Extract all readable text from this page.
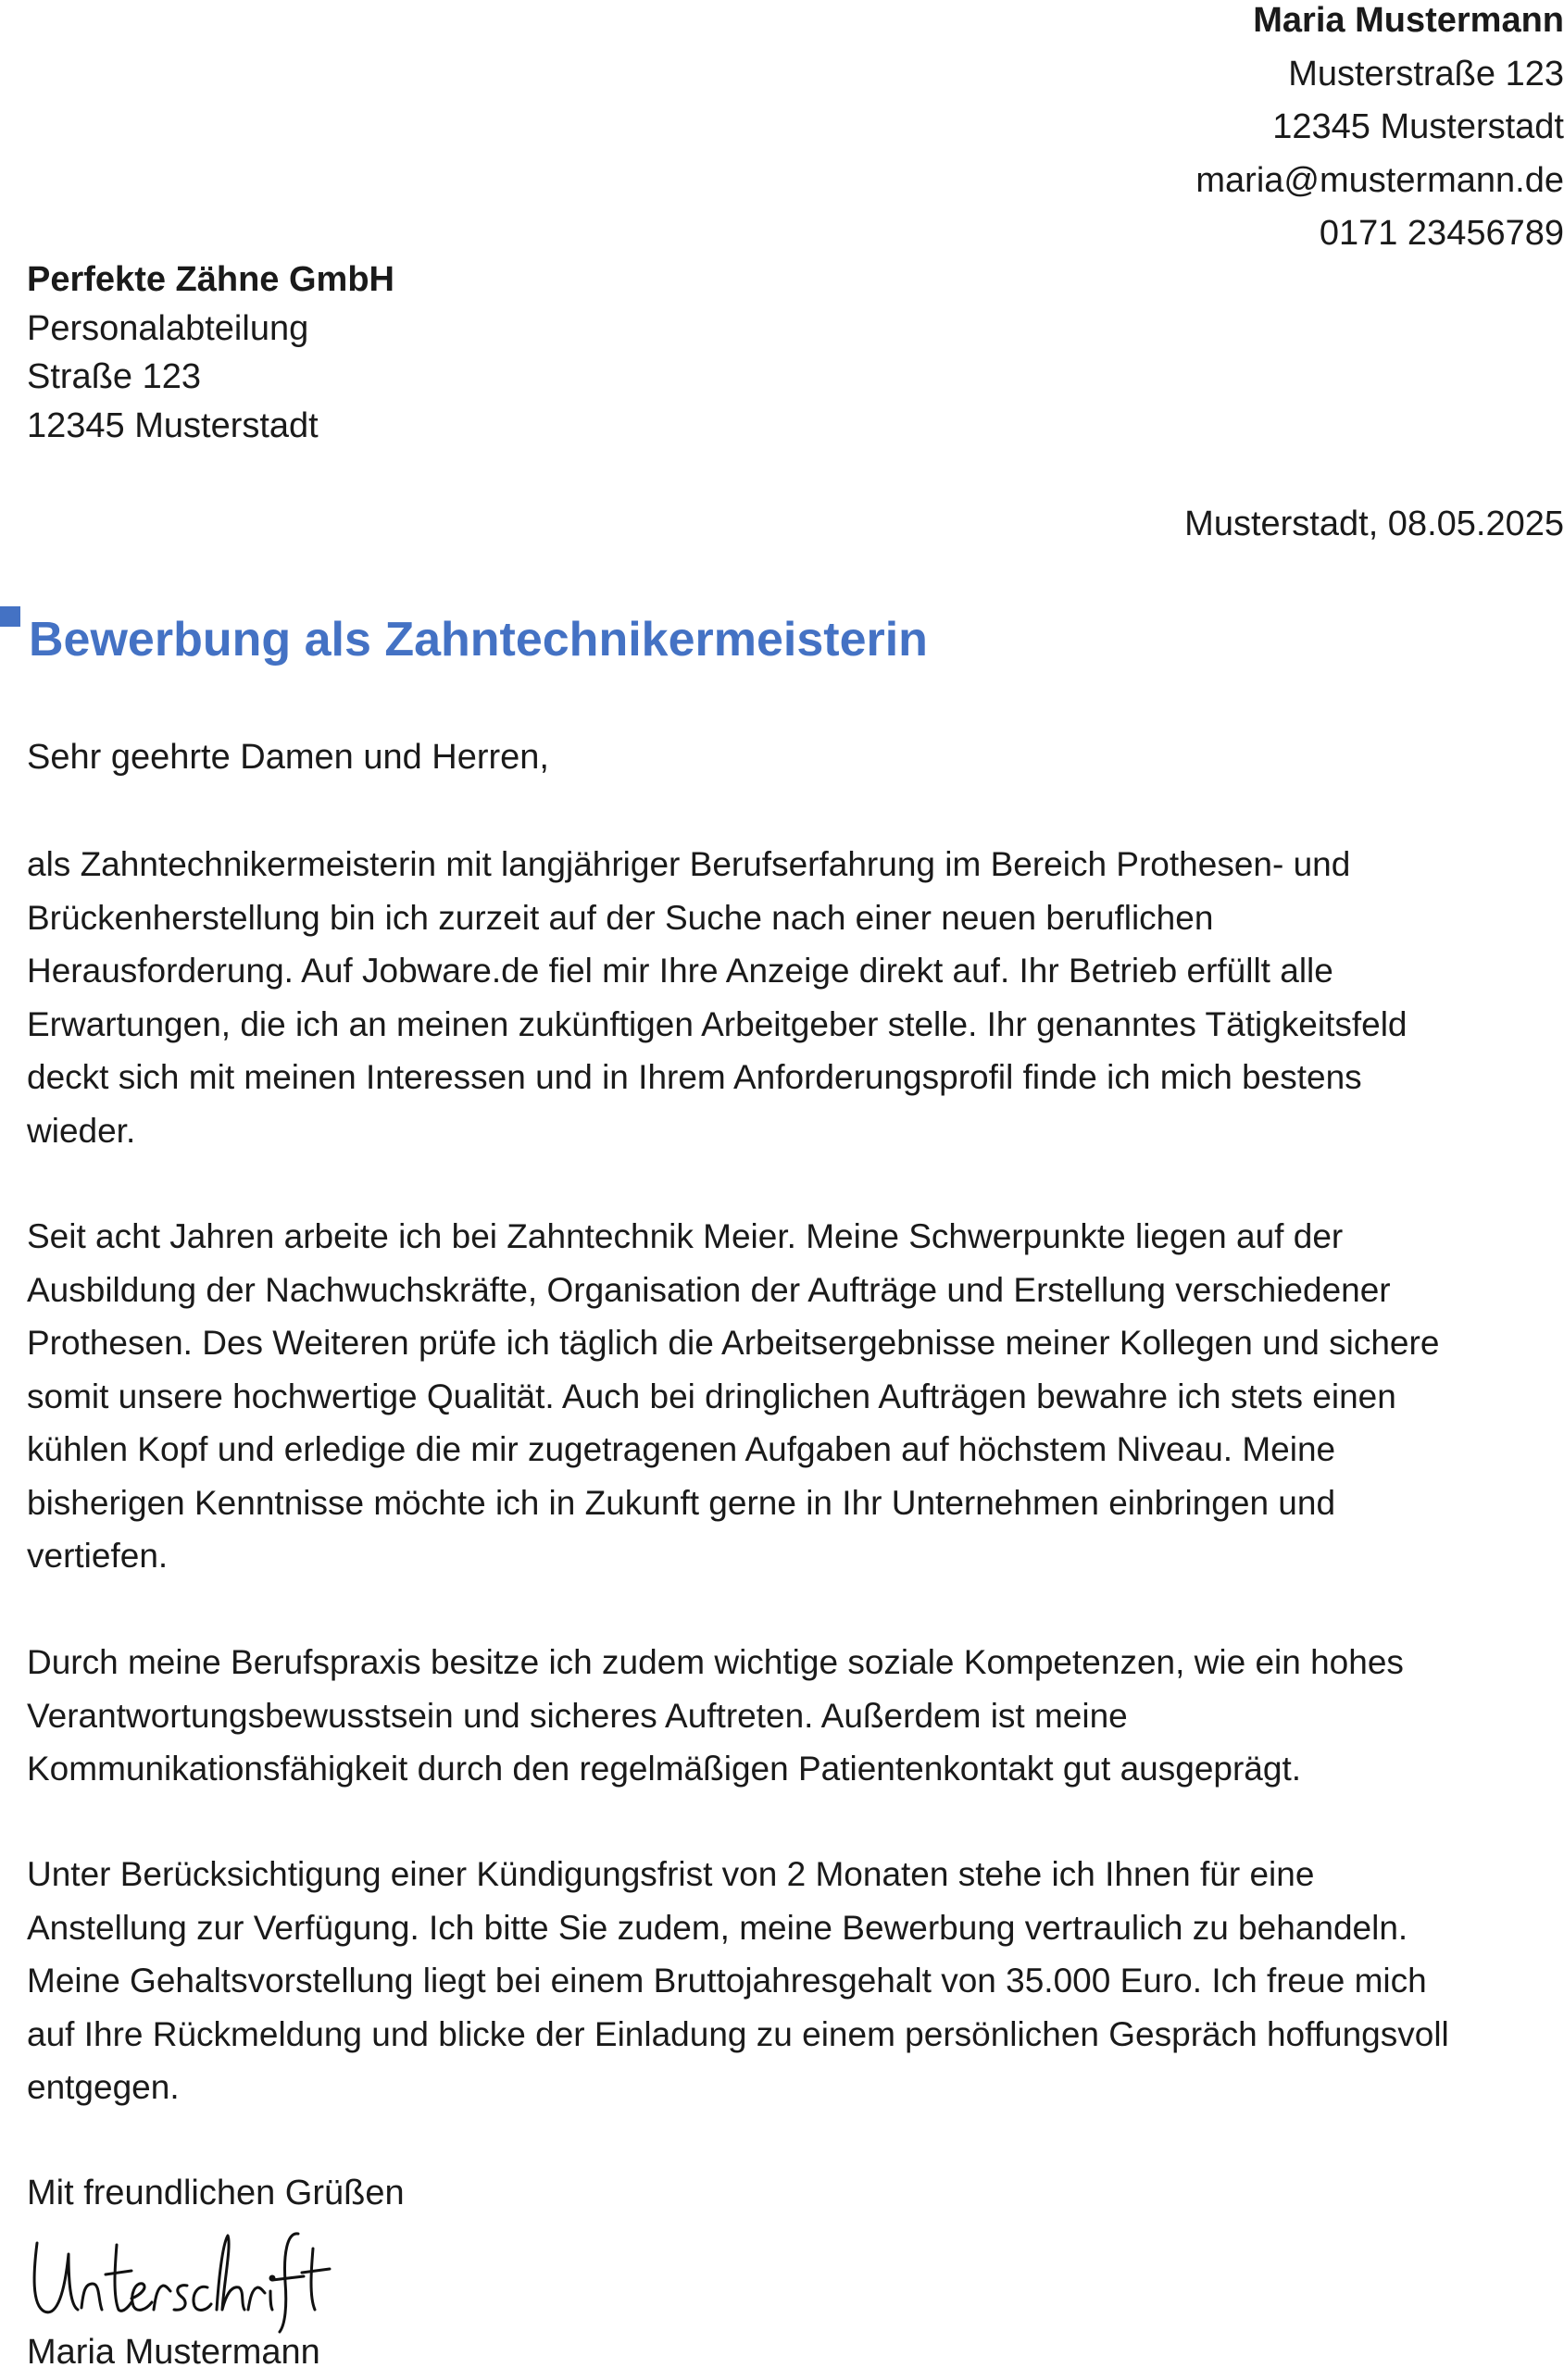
Maria Mustermann
Musterstraße 123
12345 Musterstadt
maria@mustermann.de
0171 23456789
Perfekte Zähne GmbH
Personalabteilung
Straße 123
12345 Musterstadt
Musterstadt, 08.05.2025
Bewerbung als Zahntechnikermeisterin
Sehr geehrte Damen und Herren,
als Zahntechnikermeisterin mit langjähriger Berufserfahrung im Bereich Prothesen- und
Brückenherstellung bin ich zurzeit auf der Suche nach einer neuen beruflichen
Herausforderung. Auf Jobware.de fiel mir Ihre Anzeige direkt auf. Ihr Betrieb erfüllt alle
Erwartungen, die ich an meinen zukünftigen Arbeitgeber stelle. Ihr genanntes Tätigkeitsfeld
deckt sich mit meinen Interessen und in Ihrem Anforderungsprofil finde ich mich bestens
wieder.
Seit acht Jahren arbeite ich bei Zahntechnik Meier. Meine Schwerpunkte liegen auf der
Ausbildung der Nachwuchskräfte, Organisation der Aufträge und Erstellung verschiedener
Prothesen. Des Weiteren prüfe ich täglich die Arbeitsergebnisse meiner Kollegen und sichere
somit unsere hochwertige Qualität. Auch bei dringlichen Aufträgen bewahre ich stets einen
kühlen Kopf und erledige die mir zugetragenen Aufgaben auf höchstem Niveau. Meine
bisherigen Kenntnisse möchte ich in Zukunft gerne in Ihr Unternehmen einbringen und
vertiefen.
Durch meine Berufspraxis besitze ich zudem wichtige soziale Kompetenzen, wie ein hohes
Verantwortungsbewusstsein und sicheres Auftreten. Außerdem ist meine
Kommunikationsfähigkeit durch den regelmäßigen Patientenkontakt gut ausgeprägt.
Unter Berücksichtigung einer Kündigungsfrist von 2 Monaten stehe ich Ihnen für eine
Anstellung zur Verfügung. Ich bitte Sie zudem, meine Bewerbung vertraulich zu behandeln.
Meine Gehaltsvorstellung liegt bei einem Bruttojahresgehalt von 35.000 Euro. Ich freue mich
auf Ihre Rückmeldung und blicke der Einladung zu einem persönlichen Gespräch hoffungsvoll
entgegen.
Mit freundlichen Grüßen
Maria Mustermann
